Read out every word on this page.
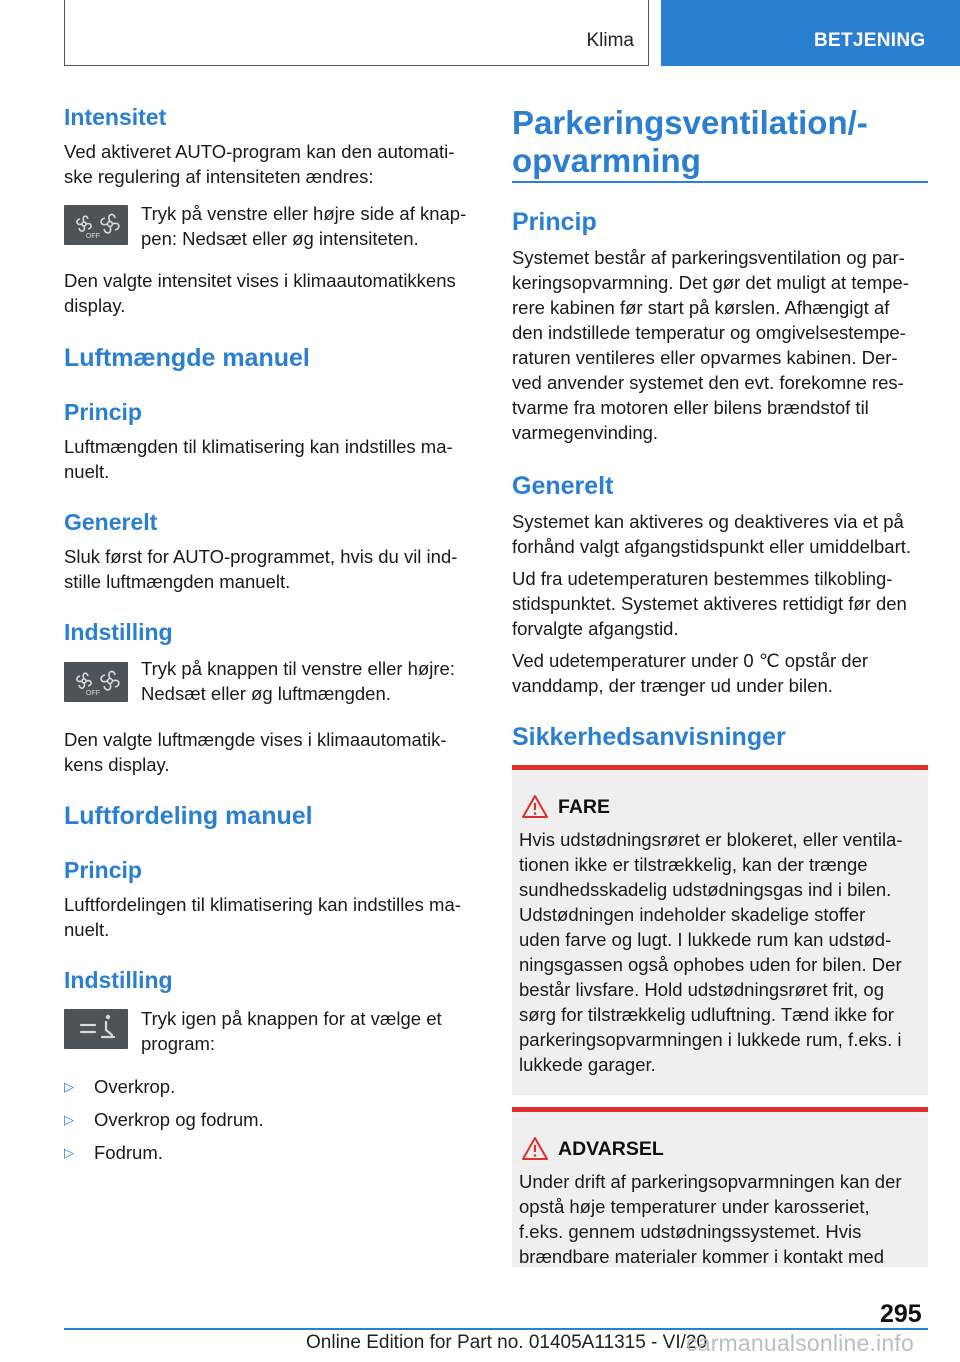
Klima	BETJENING
Intensitet
Ved aktiveret AUTO-program kan den automati-
ske regulering af intensiteten ændres:
OFF
Tryk på venstre eller højre side af knap-
pen: Nedsæt eller øg intensiteten.
Den valgte intensitet vises i klimaautomatikkens
display.
Luftmængde manuel
Princip
Luftmængden til klimatisering kan indstilles ma-
nuelt.
Generelt
Sluk først for AUTO-programmet, hvis du vil ind-
stille luftmængden manuelt.
Indstilling
OFF
Tryk på knappen til venstre eller højre:
Nedsæt eller øg luftmængden.
Den valgte luftmængde vises i klimaautomatik-
kens display.
Luftfordeling manuel
Princip
Luftfordelingen til klimatisering kan indstilles ma-
nuelt.
Indstilling
Tryk igen på knappen for at vælge et
program:
▷ Overkrop.
▷ Overkrop og fodrum.
▷ Fodrum.
Parkeringsventilation/-
opvarmning
Princip
Systemet består af parkeringsventilation og par-
keringsopvarmning. Det gør det muligt at tempe-
rere kabinen før start på kørslen. Afhængigt af
den indstillede temperatur og omgivelsestempe-
raturen ventileres eller opvarmes kabinen. Der-
ved anvender systemet den evt. forekomne res-
tvarme fra motoren eller bilens brændstof til
varmegenvinding.
Generelt
Systemet kan aktiveres og deaktiveres via et på
forhånd valgt afgangstidspunkt eller umiddelbart.
Ud fra udetemperaturen bestemmes tilkobling-
stidspunktet. Systemet aktiveres rettidigt før den
forvalgte afgangstid.
Ved udetemperaturer under 0 ℃ opstår der
vanddamp, der trænger ud under bilen.
Sikkerhedsanvisninger
FARE
Hvis udstødningsrøret er blokeret, eller ventila-
tionen ikke er tilstrækkelig, kan der trænge
sundhedsskadelig udstødningsgas ind i bilen.
Udstødningen indeholder skadelige stoffer
uden farve og lugt. I lukkede rum kan udstød-
ningsgassen også ophobes uden for bilen. Der
består livsfare. Hold udstødningsrøret frit, og
sørg for tilstrækkelig udluftning. Tænd ikke for
parkeringsopvarmningen i lukkede rum, f.eks. i
lukkede garager.
ADVARSEL
Under drift af parkeringsopvarmningen kan der
opstå høje temperaturer under karosseriet,
f.eks. gennem udstødningssystemet. Hvis
brændbare materialer kommer i kontakt med
295
Online Edition for Part no. 01405A11315 - VI/20
carmanualsonline.info
